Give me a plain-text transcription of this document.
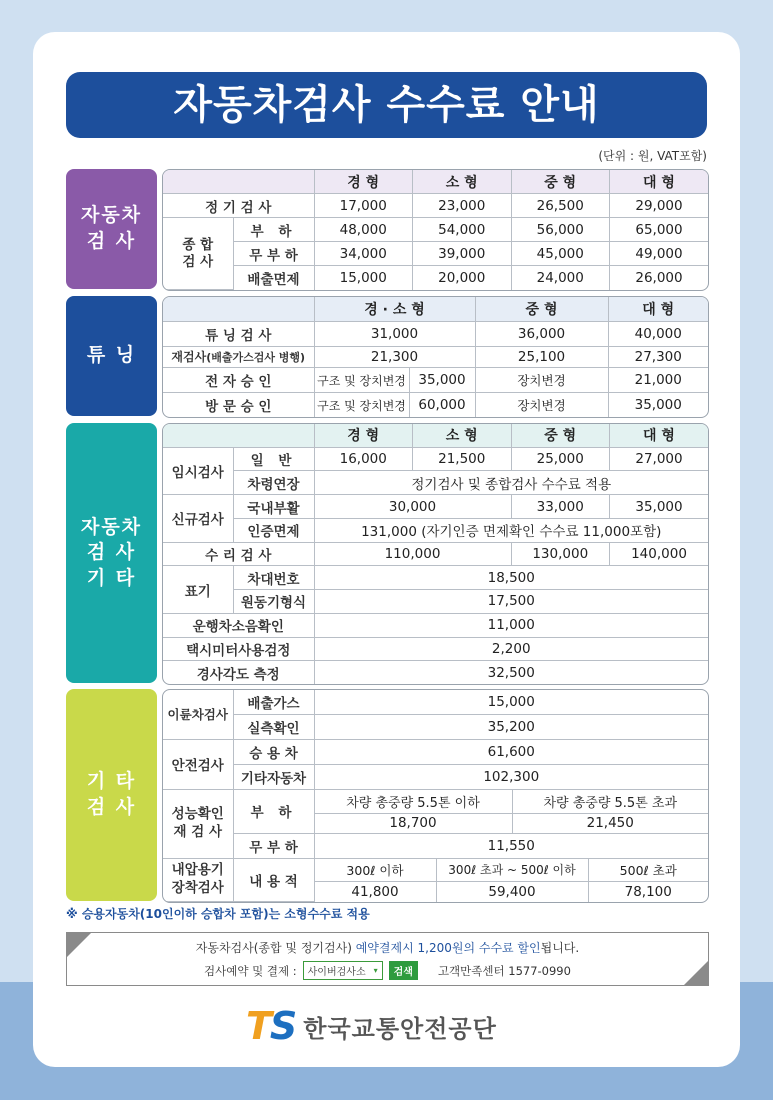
자동차검사 수수료 안내
(단위 : 원, VAT포함)
자동차
검 사
		경 형	소 형	중 형	대 형
정 기 검 사		17,000	23,000	26,500	29,000
종 합
검 사	부 하	48,000	54,000	56,000	65,000
	무 부 하	34,000	39,000	45,000	49,000
	배출면제	15,000	20,000	24,000	26,000
튜 닝
	경 · 소 형		중 형	대 형
튜 닝 검 사	31,000		36,000	40,000
재검사(배출가스검사 병행)	21,300		25,100	27,300
전 자 승 인	구조 및 장치변경	35,000	장치변경	21,000
방 문 승 인	구조 및 장치변경	60,000	장치변경	35,000
자동차
검 사
기 타
		경 형	소 형	중 형	대 형
임시검사	일 반	16,000	21,500	25,000	27,000
	차령연장	정기검사 및 종합검사 수수료 적용			
신규검사	국내부활	30,000		33,000	35,000
	인증면제	131,000 (자기인증 면제확인 수수료 11,000포함)			
수 리 검 사		110,000		130,000	140,000
표기	차대번호	18,500			
	원동기형식	17,500			
운행차소음확인		11,000			
택시미터사용검정		2,200			
경사각도 측정		32,500			
기 타
검 사
이륜차검사	배출가스	15,000			
	실측확인	35,200			
안전검사	승 용 차	61,600			
	기타자동차	102,300			
성능확인
재 검 사	부 하	차량 총중량 5.5톤 이하		차량 총중량 5.5톤 초과	
		18,700		21,450	
	무 부 하	11,550			
내압용기
장착검사	내 용 적	300ℓ 이하	300ℓ 초과 ~ 500ℓ 이하		500ℓ 초과
		41,800	59,400		78,100
※ 승용자동차(10인이하 승합차 포함)는 소형수수료 적용
자동차검사(종합 및 정기검사) 예약결제시 1,200원의 수수료 할인됩니다.
검사예약 및 결제 : 사이버검사소 ▾	검색	고객만족센터 1577-0990
TS 한국교통안전공단
